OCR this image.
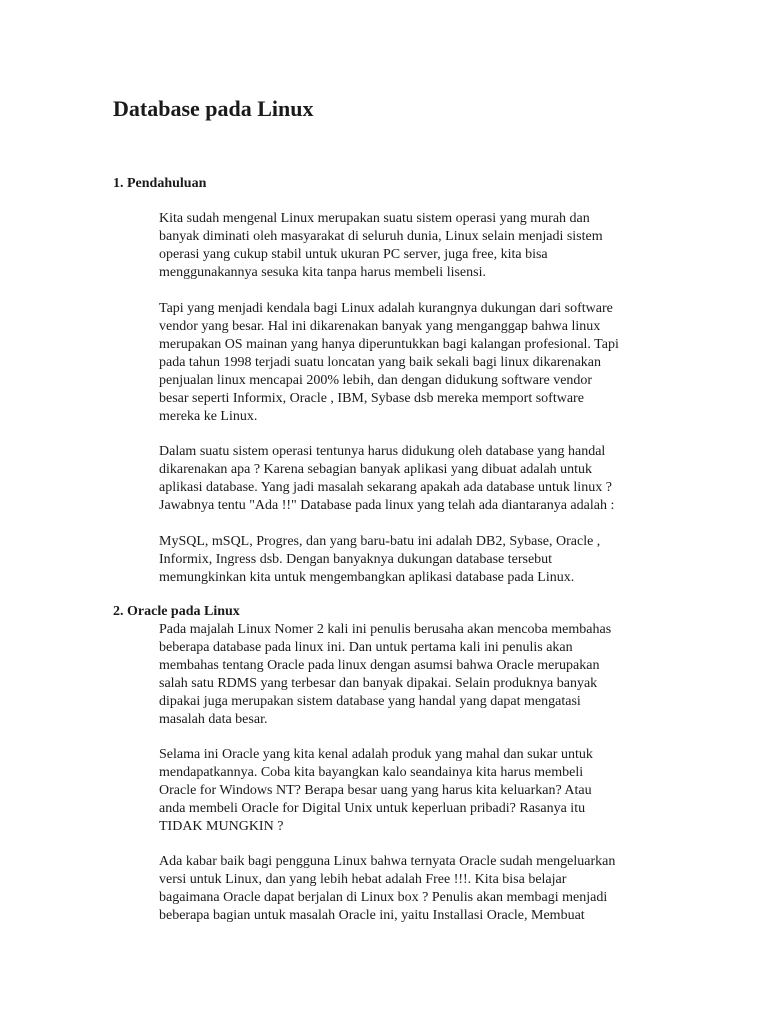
Database pada Linux
1. Pendahuluan

Kita sudah mengenal Linux merupakan suatu sistem operasi yang murah dan
banyak diminati oleh masyarakat di seluruh dunia, Linux selain menjadi sistem
operasi yang cukup stabil untuk ukuran PC server, juga free, kita bisa
menggunakannya sesuka kita tanpa harus membeli lisensi.

Tapi yang menjadi kendala bagi Linux adalah kurangnya dukungan dari software
vendor yang besar. Hal ini dikarenakan banyak yang menganggap bahwa linux
merupakan OS mainan yang hanya diperuntukkan bagi kalangan profesional. Tapi
pada tahun 1998 terjadi suatu loncatan yang baik sekali bagi linux dikarenakan
penjualan linux mencapai 200% lebih, dan dengan didukung software vendor
besar seperti Informix, Oracle , IBM, Sybase dsb mereka memport software
mereka ke Linux.

Dalam suatu sistem operasi tentunya harus didukung oleh database yang handal
dikarenakan apa ? Karena sebagian banyak aplikasi yang dibuat adalah untuk
aplikasi database. Yang jadi masalah sekarang apakah ada database untuk linux ?
Jawabnya tentu "Ada !!" Database pada linux yang telah ada diantaranya adalah :

MySQL, mSQL, Progres, dan yang baru-batu ini adalah DB2, Sybase, Oracle ,
Informix, Ingress dsb. Dengan banyaknya dukungan database tersebut
memungkinkan kita untuk mengembangkan aplikasi database pada Linux.

2. Oracle pada Linux

Pada majalah Linux Nomer 2 kali ini penulis berusaha akan mencoba membahas
beberapa database pada linux ini. Dan untuk pertama kali ini penulis akan
membahas tentang Oracle pada linux dengan asumsi bahwa Oracle merupakan
salah satu RDMS yang terbesar dan banyak dipakai. Selain produknya banyak
dipakai juga merupakan sistem database yang handal yang dapat mengatasi
masalah data besar.

Selama ini Oracle yang kita kenal adalah produk yang mahal dan sukar untuk
mendapatkannya. Coba kita bayangkan kalo seandainya kita harus membeli
Oracle for Windows NT? Berapa besar uang yang harus kita keluarkan? Atau
anda membeli Oracle for Digital Unix untuk keperluan pribadi? Rasanya itu
TIDAK MUNGKIN ?

Ada kabar baik bagi pengguna Linux bahwa ternyata Oracle sudah mengeluarkan
versi untuk Linux, dan yang lebih hebat adalah Free !!!. Kita bisa belajar
bagaimana Oracle dapat berjalan di Linux box ? Penulis akan membagi menjadi
beberapa bagian untuk masalah Oracle ini, yaitu Installasi Oracle, Membuat
